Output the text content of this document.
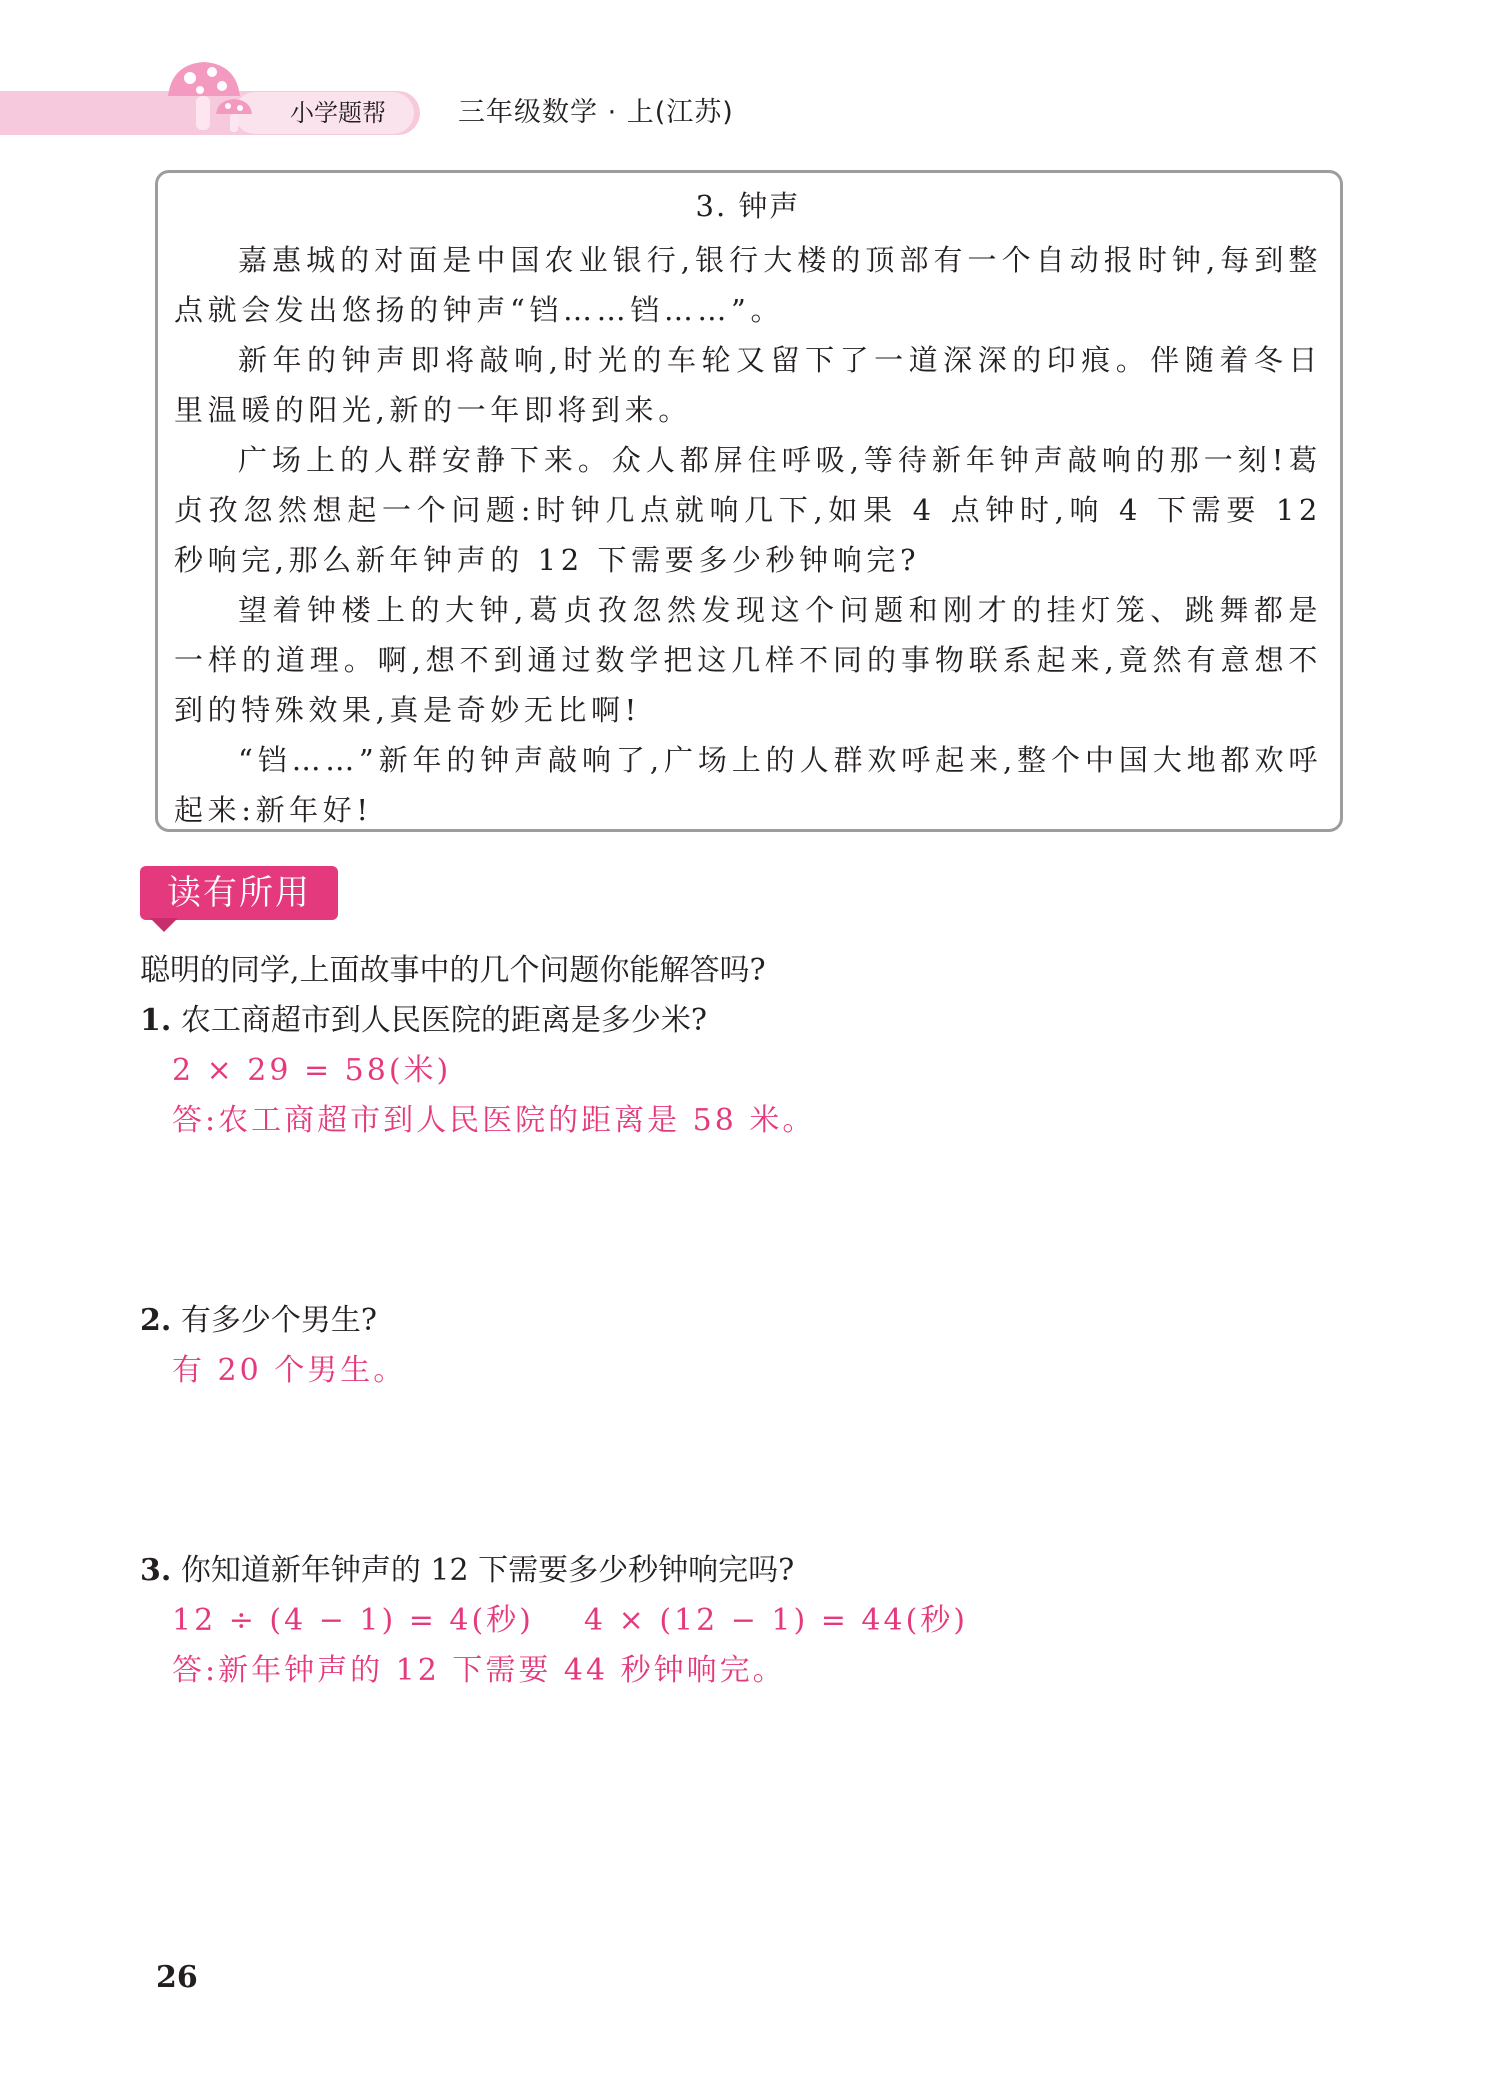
小学题帮	三年级数学 · 上(江苏)
3. 钟声

嘉惠城的对面是中国农业银行,银行大楼的顶部有一个自动报时钟,每到整点就会发出悠扬的钟声“铛……铛……”。

新年的钟声即将敲响,时光的车轮又留下了一道深深的印痕。伴随着冬日里温暖的阳光,新的一年即将到来。

广场上的人群安静下来。众人都屏住呼吸,等待新年钟声敲响的那一刻!葛贞孜忽然想起一个问题:时钟几点就响几下,如果 4 点钟时,响 4 下需要 12 秒响完,那么新年钟声的 12 下需要多少秒钟响完?

望着钟楼上的大钟,葛贞孜忽然发现这个问题和刚才的挂灯笼、跳舞都是一样的道理。啊,想不到通过数学把这几样不同的事物联系起来,竟然有意想不到的特殊效果,真是奇妙无比啊!

“铛……”新年的钟声敲响了,广场上的人群欢呼起来,整个中国大地都欢呼起来:新年好!

读有所用
聪明的同学,上面故事中的几个问题你能解答吗?
1. 农工商超市到人民医院的距离是多少米?
2 × 29 = 58(米)
答:农工商超市到人民医院的距离是 58 米。
2. 有多少个男生?
有 20 个男生。
3. 你知道新年钟声的 12 下需要多少秒钟响完吗?
12 ÷ (4 − 1) = 4(秒)    4 × (12 − 1) = 44(秒)
答:新年钟声的 12 下需要 44 秒钟响完。
26
